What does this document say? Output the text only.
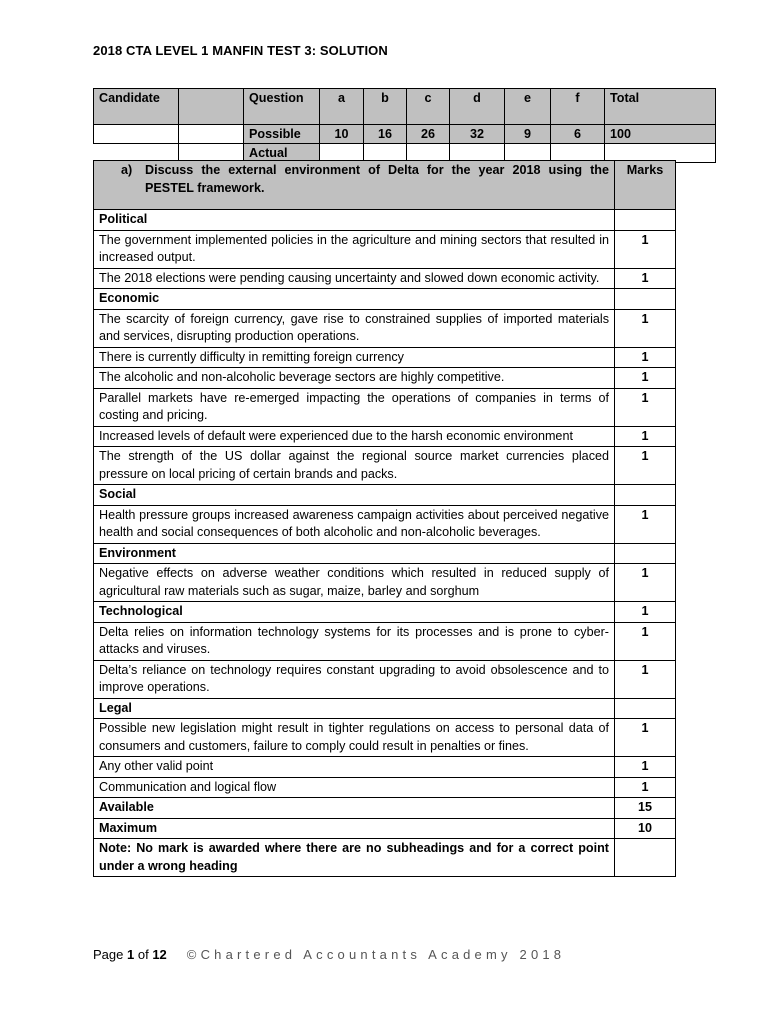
2018 CTA LEVEL 1 MANFIN TEST 3: SOLUTION
Candidate		Question	a	b	c	d	e	f	Total
		Possible	10	16	26	32	9	6	100
		Actual							
a) Discuss the external environment of Delta for the year 2018 using the PESTEL framework.	Marks
Political	
The government implemented policies in the agriculture and mining sectors that resulted in increased output.	1
The 2018 elections were pending causing uncertainty and slowed down economic activity.	1
Economic	
The scarcity of foreign currency, gave rise to constrained supplies of imported materials and services, disrupting production operations.	1
There is currently difficulty in remitting foreign currency	1
The alcoholic and non-alcoholic beverage sectors are highly competitive.	1
Parallel markets have re-emerged impacting the operations of companies in terms of costing and pricing.	1
Increased levels of default were experienced due to the harsh economic environment	1
The strength of the US dollar against the regional source market currencies placed pressure on local pricing of certain brands and packs.	1
Social	
Health pressure groups increased awareness campaign activities about perceived negative health and social consequences of both alcoholic and non-alcoholic beverages.	1
Environment	
Negative effects on adverse weather conditions which resulted in reduced supply of agricultural raw materials such as sugar, maize, barley and sorghum	1
Technological	1
Delta relies on information technology systems for its processes and is prone to cyber-attacks and viruses.	1
Delta’s reliance on technology requires constant upgrading to avoid obsolescence and to improve operations.	1
Legal	
Possible new legislation might result in tighter regulations on access to personal data of consumers and customers, failure to comply could result in penalties or fines.	1
Any other valid point	1
Communication and logical flow	1
Available	15
Maximum	10
Note: No mark is awarded where there are no subheadings and for a correct point under a wrong heading	
Page
1
of
12 ©Chartered Accountants Academy 2018
